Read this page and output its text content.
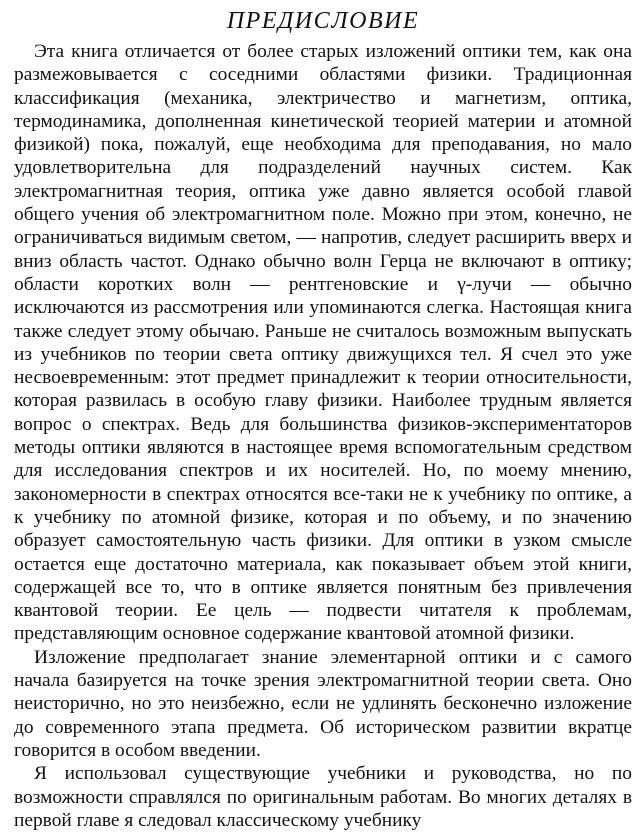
ПРЕДИСЛОВИЕ

Эта книга отличается от более старых изложений оптики тем, как она размежовывается с соседними областями физики. Традиционная классификация (механика, электричество и магнетизм, оптика, термодинамика, дополненная кинетической теорией материи и атомной физикой) пока, пожалуй, еще необходима для преподавания, но мало удовлетворительна для подразделений научных систем. Как электромагнитная теория, оптика уже давно является особой главой общего учения об электромагнитном поле. Можно при этом, конечно, не ограничиваться видимым светом, — напротив, следует расширить вверх и вниз область частот. Однако обычно волн Герца не включают в оптику; области коротких волн — рентгеновские и γ-лучи — обычно исключаются из рассмотрения или упоминаются слегка. Настоящая книга также следует этому обычаю. Раньше не считалось возможным выпускать из учебников по теории света оптику движущихся тел. Я счел это уже несвоевременным: этот предмет принадлежит к теории относительности, которая развилась в особую главу физики. Наиболее трудным является вопрос о спектрах. Ведь для большинства физиков-экспериментаторов методы оптики являются в настоящее время вспомогательным средством для исследования спектров и их носителей. Но, по моему мнению, закономерности в спектрах относятся все-таки не к учебнику по оптике, а к учебнику по атомной физике, которая и по объему, и по значению образует самостоятельную часть физики. Для оптики в узком смысле остается еще достаточно материала, как показывает объем этой книги, содержащей все то, что в оптике является понятным без привлечения квантовой теории. Ее цель — подвести читателя к проблемам, представляющим основное содержание квантовой атомной физики.

Изложение предполагает знание элементарной оптики и с самого начала базируется на точке зрения электромагнитной теории света. Оно неисторично, но это неизбежно, если не удлинять бесконечно изложение до современного этапа предмета. Об историческом развитии вкратце говорится в особом введении.

Я использовал существующие учебники и руководства, но по возможности справлялся по оригинальным работам. Во многих деталях в первой главе я следовал классическому учебнику
